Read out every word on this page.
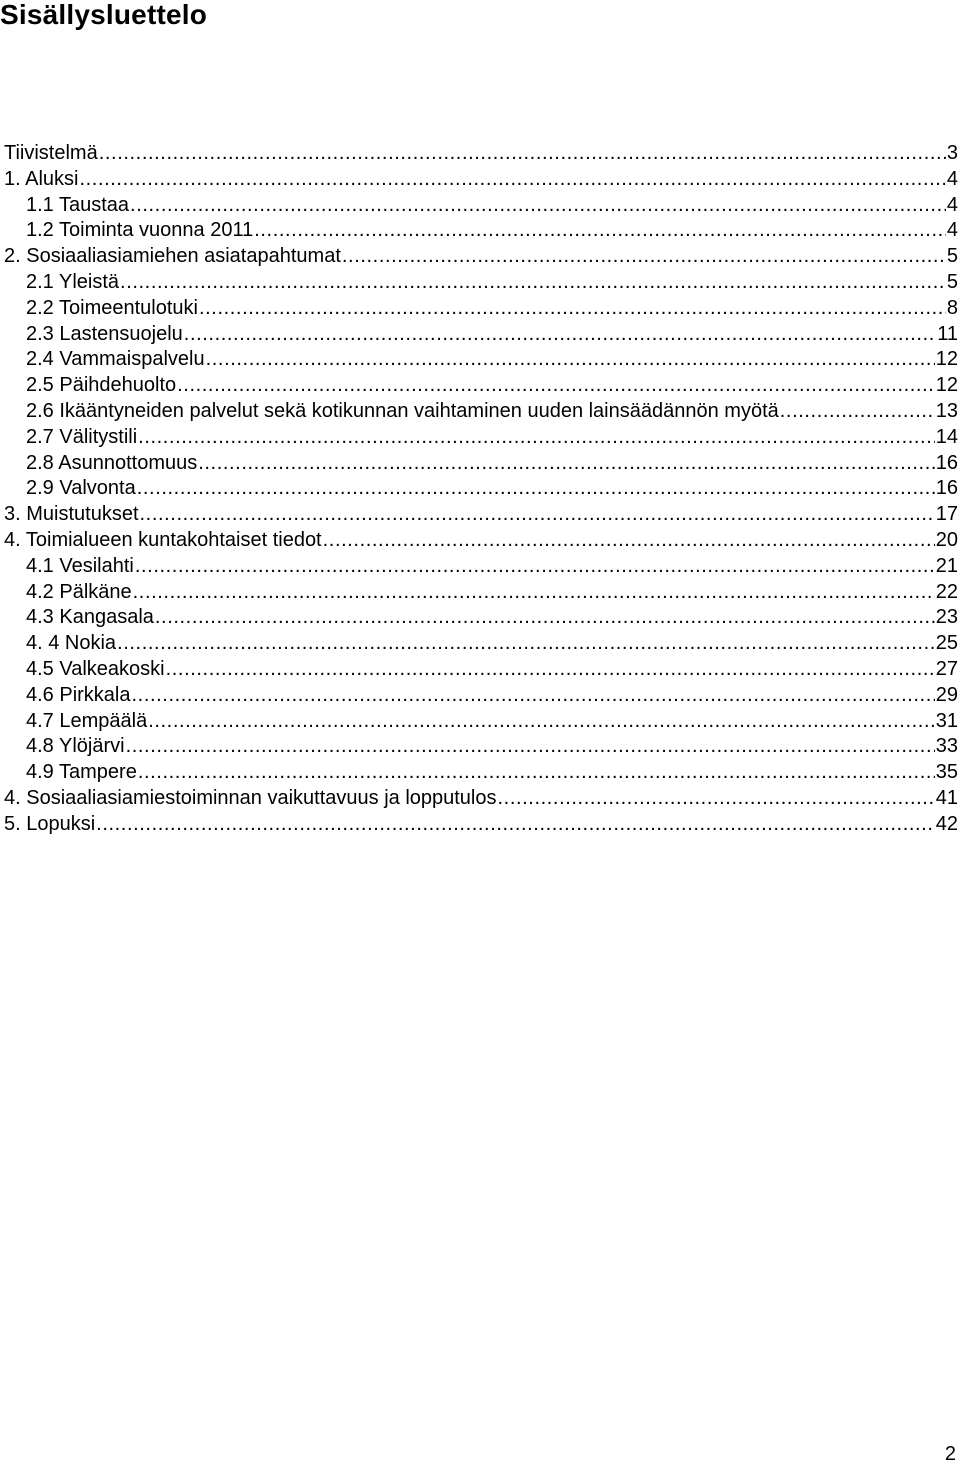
Sisällysluettelo
Tiivistelmä .....	3
1. Aluksi .....	4
1.1 Taustaa .....	4
1.2 Toiminta vuonna 2011 .....	4
2. Sosiaaliasiamiehen asiatapahtumat .....	5
2.1 Yleistä .....	5
2.2 Toimeentulotuki .....	8
2.3 Lastensuojelu .....	11
2.4 Vammaispalvelu .....	12
2.5 Päihdehuolto .....	12
2.6 Ikääntyneiden palvelut sekä kotikunnan vaihtaminen uuden lainsäädännön myötä .....	13
2.7 Välitystili .....	14
2.8 Asunnottomuus .....	16
2.9 Valvonta .....	16
3. Muistutukset .....	17
4. Toimialueen kuntakohtaiset tiedot .....	20
4.1 Vesilahti .....	21
4.2 Pälkäne .....	22
4.3 Kangasala .....	23
4. 4 Nokia .....	25
4.5 Valkeakoski .....	27
4.6 Pirkkala .....	29
4.7 Lempäälä .....	31
4.8 Ylöjärvi .....	33
4.9 Tampere .....	35
4. Sosiaaliasiamiestoiminnan vaikuttavuus ja lopputulos .....	41
5. Lopuksi .....	42
2
